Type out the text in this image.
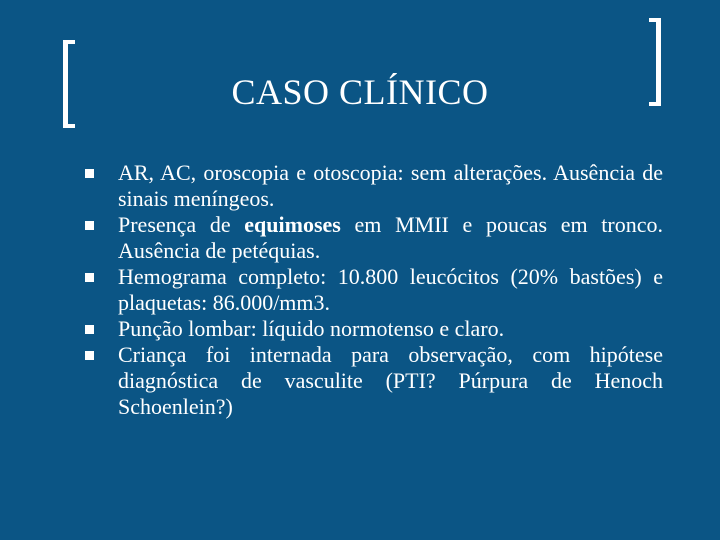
CASO CLÍNICO
AR, AC, oroscopia e otoscopia: sem alterações. Ausência de sinais meníngeos.
Presença de equimoses em MMII e poucas em tronco. Ausência de petéquias.
Hemograma completo: 10.800 leucócitos (20% bastões) e plaquetas: 86.000/mm3.
Punção lombar: líquido normotenso e claro.
Criança foi internada para observação, com hipótese diagnóstica de vasculite (PTI? Púrpura de Henoch Schoenlein?)
